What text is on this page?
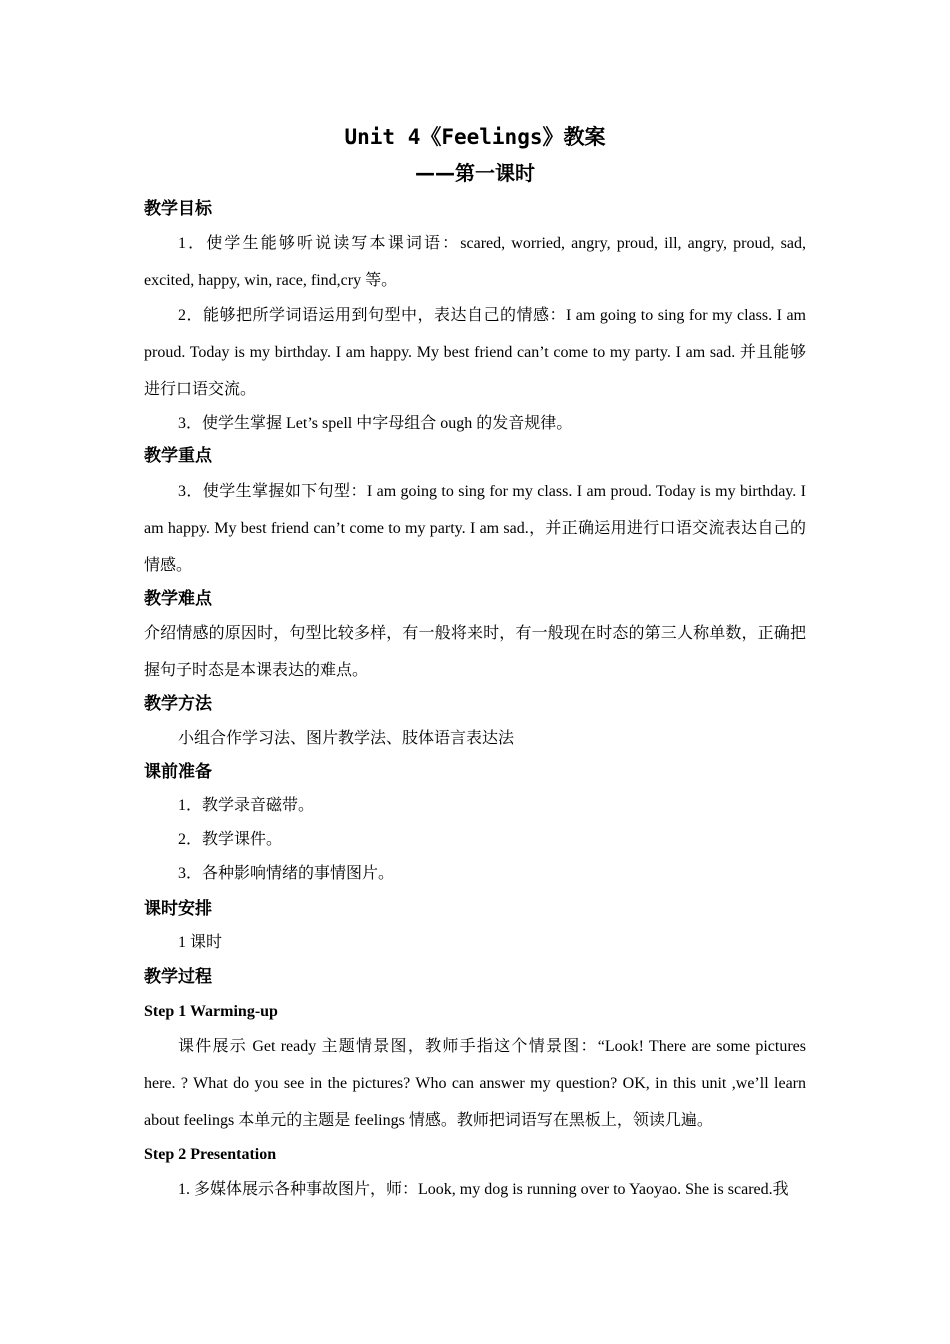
Unit 4《Feelings》教案
——第一课时
教学目标
1．使学生能够听说读写本课词语：scared, worried, angry, proud, ill, angry, proud, sad, excited, happy, win, race, find,cry 等。
2．能够把所学词语运用到句型中，表达自己的情感：I am going to sing for my class. I am proud. Today is my birthday. I am happy. My best friend can’t come to my party. I am sad. 并且能够进行口语交流。
3．使学生掌握 Let’s spell 中字母组合 ough 的发音规律。
教学重点
3．使学生掌握如下句型：I am going to sing for my class. I am proud. Today is my birthday. I am happy. My best friend can’t come to my party. I am sad.，并正确运用进行口语交流表达自己的情感。
教学难点
介绍情感的原因时，句型比较多样，有一般将来时，有一般现在时态的第三人称单数，正确把握句子时态是本课表达的难点。
教学方法
小组合作学习法、图片教学法、肢体语言表达法
课前准备
1．教学录音磁带。
2．教学课件。
3．各种影响情绪的事情图片。
课时安排
1 课时
教学过程
Step 1 Warming-up
课件展示 Get ready 主题情景图，教师手指这个情景图：“Look! There are some pictures here. ? What do you see in the pictures? Who can answer my question? OK, in this unit ,we’ll learn about feelings 本单元的主题是 feelings 情感。教师把词语写在黑板上，领读几遍。
Step 2 Presentation
1. 多媒体展示各种事故图片，师：Look, my dog is running over to Yaoyao. She is scared.我
